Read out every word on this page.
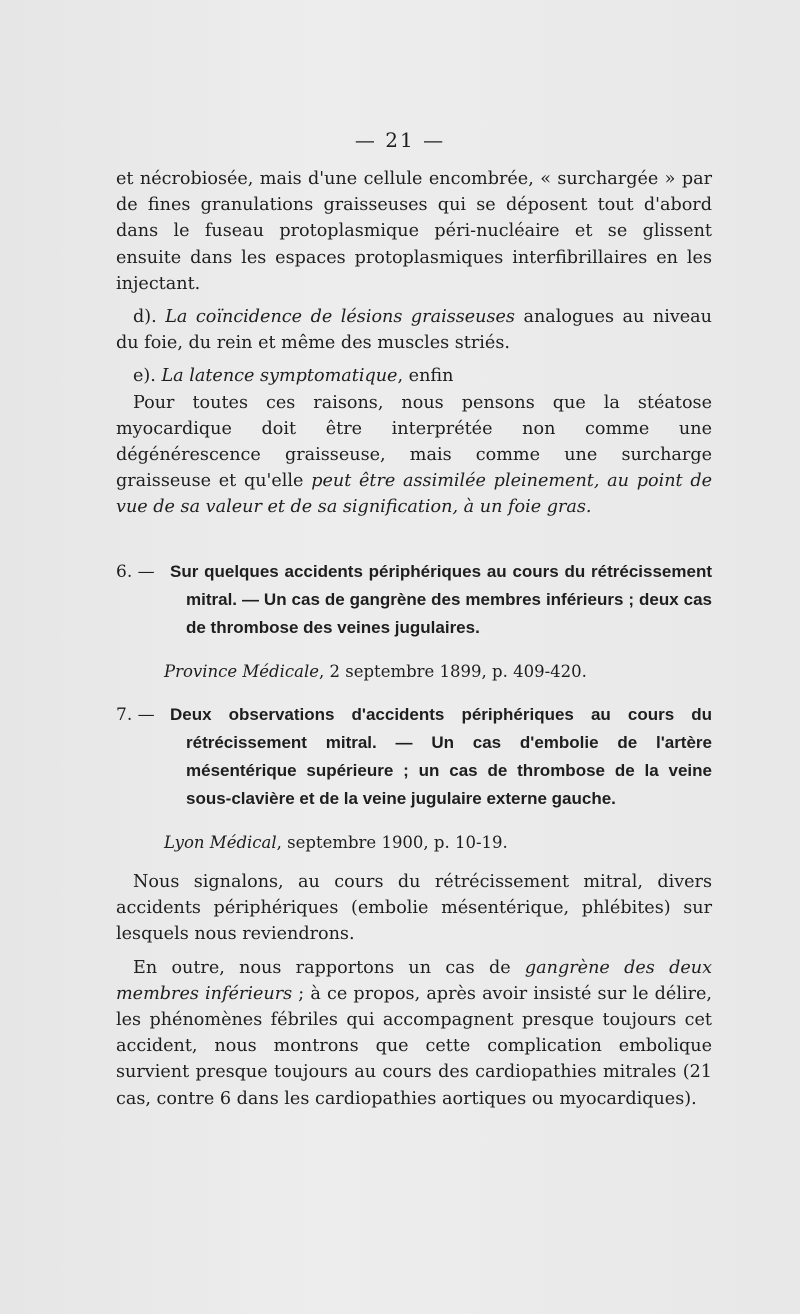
— 21 —

et nécrobiosée, mais d'une cellule encombrée, « surchargée » par de fines granulations graisseuses qui se déposent tout d'abord dans le fuseau protoplasmique péri-nucléaire et se glissent ensuite dans les espaces protoplasmiques interfibrillaires en les injectant.

d). La coïncidence de lésions graisseuses analogues au niveau du foie, du rein et même des muscles striés.

e). La latence symptomatique, enfin

Pour toutes ces raisons, nous pensons que la stéatose myocardique doit être interprétée non comme une dégénérescence graisseuse, mais comme une surcharge graisseuse et qu'elle peut être assimilée pleinement, au point de vue de sa valeur et de sa signification, à un foie gras.

6. — Sur quelques accidents périphériques au cours du rétrécissement mitral. — Un cas de gangrène des membres inférieurs ; deux cas de thrombose des veines jugulaires.

Province Médicale, 2 septembre 1899, p. 409-420.

7. — Deux observations d'accidents périphériques au cours du rétrécissement mitral. — Un cas d'embolie de l'artère mésentérique supérieure ; un cas de thrombose de la veine sous-clavière et de la veine jugulaire externe gauche.

Lyon Médical, septembre 1900, p. 10-19.

Nous signalons, au cours du rétrécissement mitral, divers accidents périphériques (embolie mésentérique, phlébites) sur lesquels nous reviendrons.

En outre, nous rapportons un cas de gangrène des deux membres inférieurs ; à ce propos, après avoir insisté sur le délire, les phénomènes fébriles qui accompagnent presque toujours cet accident, nous montrons que cette complication embolique survient presque toujours au cours des cardiopathies mitrales (21 cas, contre 6 dans les cardiopathies aortiques ou myocardiques).
